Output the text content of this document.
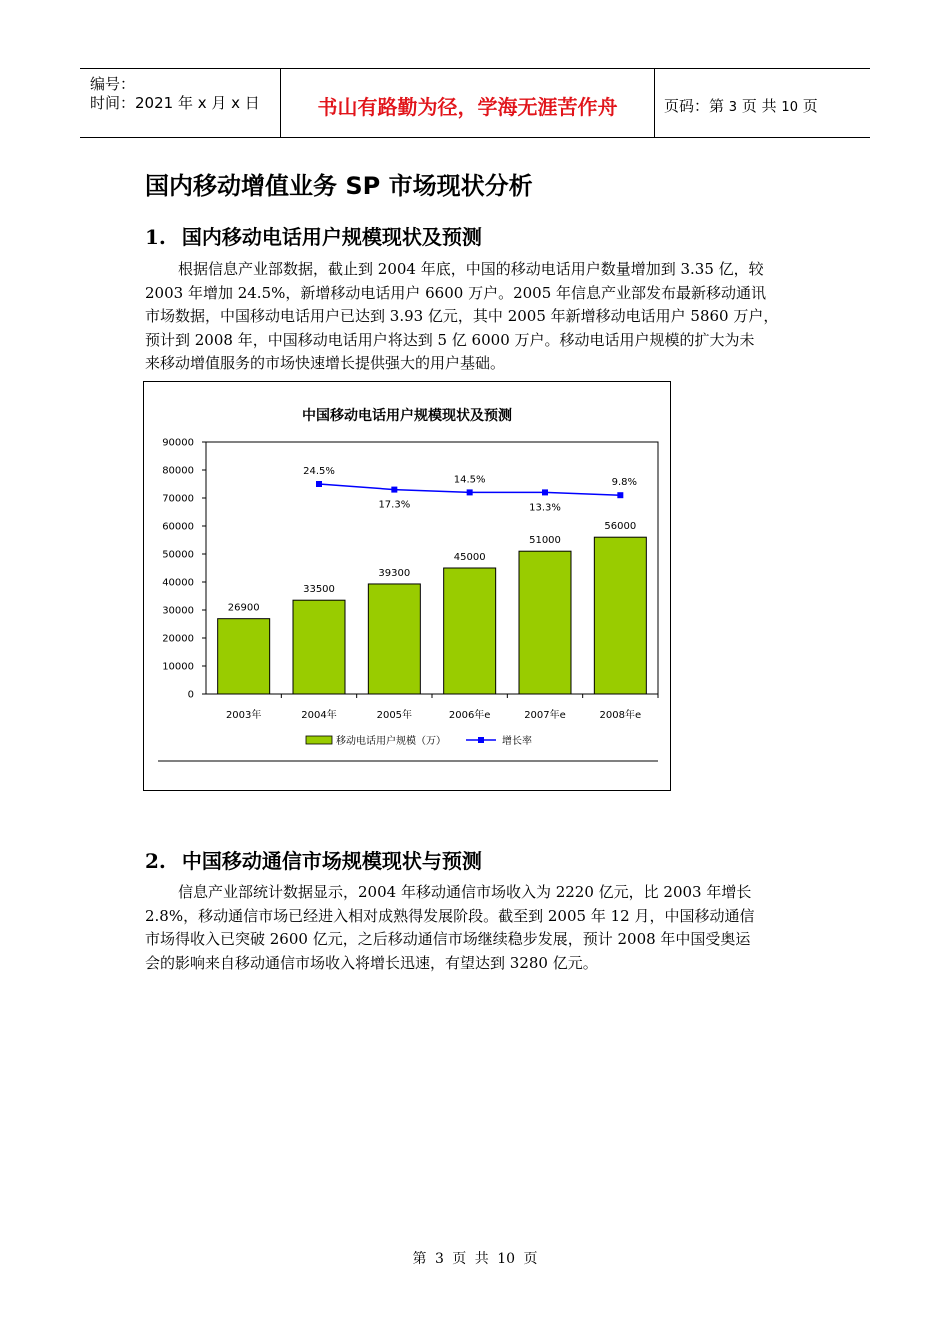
编号：
时间：2021 年 x 月 x 日	书山有路勤为径，学海无涯苦作舟	页码：第 3 页 共 10 页
国内移动增值业务 SP 市场现状分析
1. 国内移动电话用户规模现状及预测
根据信息产业部数据，截止到 2004 年底，中国的移动电话用户数量增加到 3.35 亿，较
2003 年增加 24.5%，新增移动电话用户 6600 万户。2005 年信息产业部发布最新移动通讯
市场数据，中国移动电话用户已达到 3.93 亿元，其中 2005 年新增移动电话用户 5860 万户，
预计到 2008 年，中国移动电话用户将达到 5 亿 6000 万户。移动电话用户规模的扩大为未
来移动增值服务的市场快速增长提供强大的用户基础。
中国移动电话用户规模现状及预测
0
10000
20000
30000
40000
50000
60000
70000
80000
90000
26900
33500
39300
45000
51000
56000
2003年	2004年	2005年	2006年e	2007年e	2008年e
24.5%
17.3%
14.5%
13.3%
9.8%
移动电话用户规模（万）	增长率
2. 中国移动通信市场规模现状与预测
信息产业部统计数据显示，2004 年移动通信市场收入为 2220 亿元，比 2003 年增长
2.8%，移动通信市场已经进入相对成熟得发展阶段。截至到 2005 年 12 月，中国移动通信
市场得收入已突破 2600 亿元，之后移动通信市场继续稳步发展，预计 2008 年中国受奥运
会的影响来自移动通信市场收入将增长迅速，有望达到 3280 亿元。
第 3 页 共 10 页
